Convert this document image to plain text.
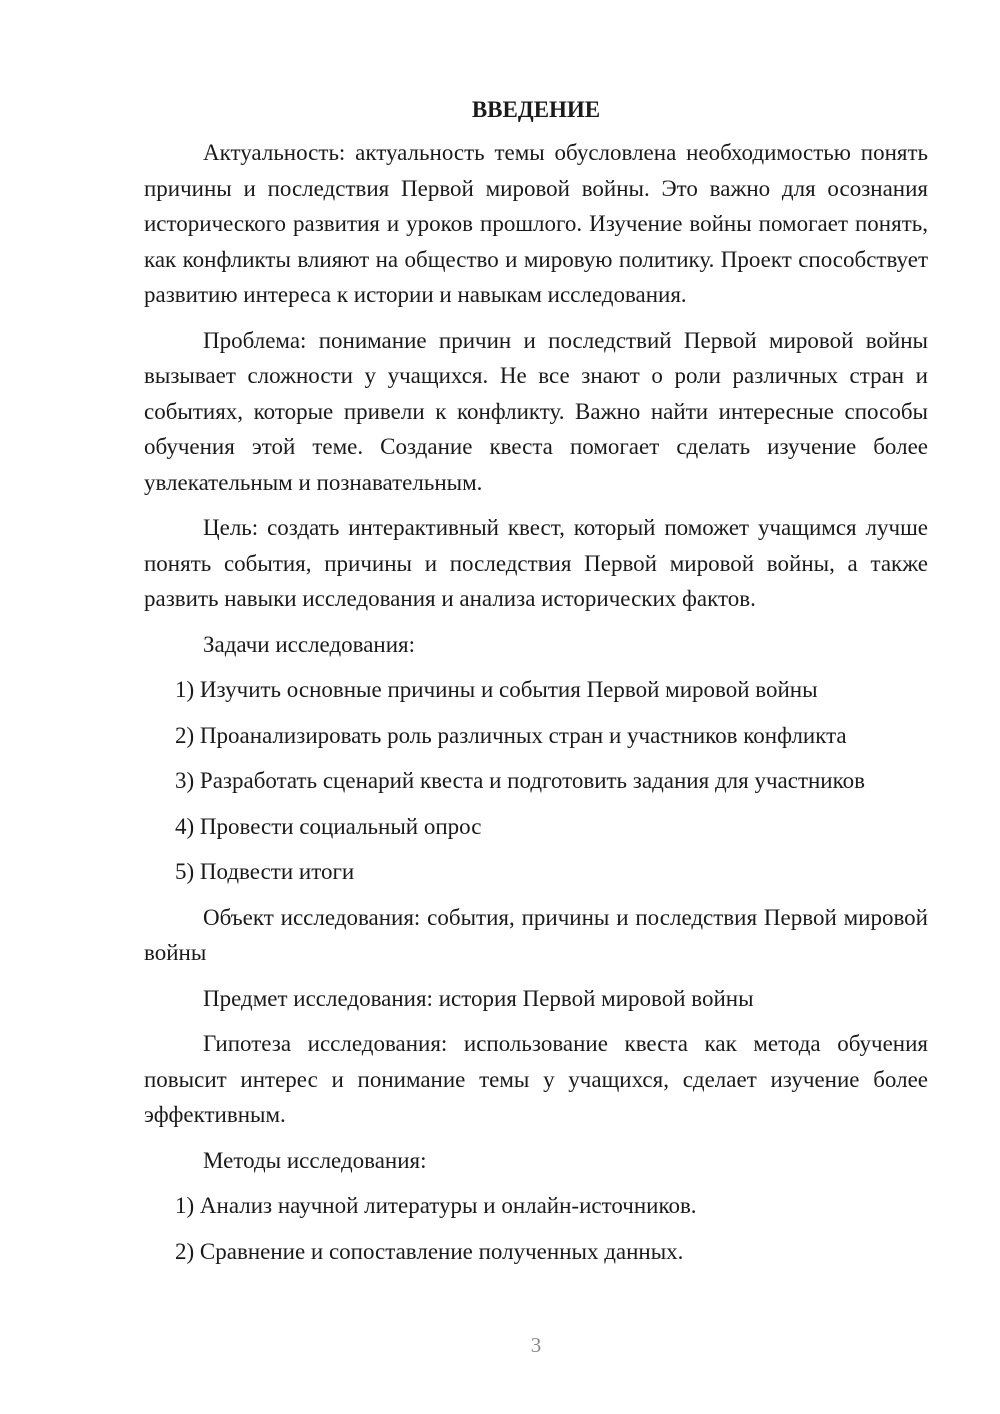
ВВЕДЕНИЕ

Актуальность: актуальность темы обусловлена необходимостью понять причины и последствия Первой мировой войны. Это важно для осознания исторического развития и уроков прошлого. Изучение войны помогает понять, как конфликты влияют на общество и мировую политику. Проект способствует развитию интереса к истории и навыкам исследования.

Проблема: понимание причин и последствий Первой мировой войны вызывает сложности у учащихся. Не все знают о роли различных стран и событиях, которые привели к конфликту. Важно найти интересные способы обучения этой теме. Создание квеста помогает сделать изучение более увлекательным и познавательным.

Цель: создать интерактивный квест, который поможет учащимся лучше понять события, причины и последствия Первой мировой войны, а также развить навыки исследования и анализа исторических фактов.

Задачи исследования:

1) Изучить основные причины и события Первой мировой войны

2) Проанализировать роль различных стран и участников конфликта

3) Разработать сценарий квеста и подготовить задания для участников

4) Провести социальный опрос

5) Подвести итоги

Объект исследования: события, причины и последствия Первой мировой войны

Предмет исследования: история Первой мировой войны

Гипотеза исследования: использование квеста как метода обучения повысит интерес и понимание темы у учащихся, сделает изучение более эффективным.

Методы исследования:

1) Анализ научной литературы и онлайн-источников.

2) Сравнение и сопоставление полученных данных.

3
